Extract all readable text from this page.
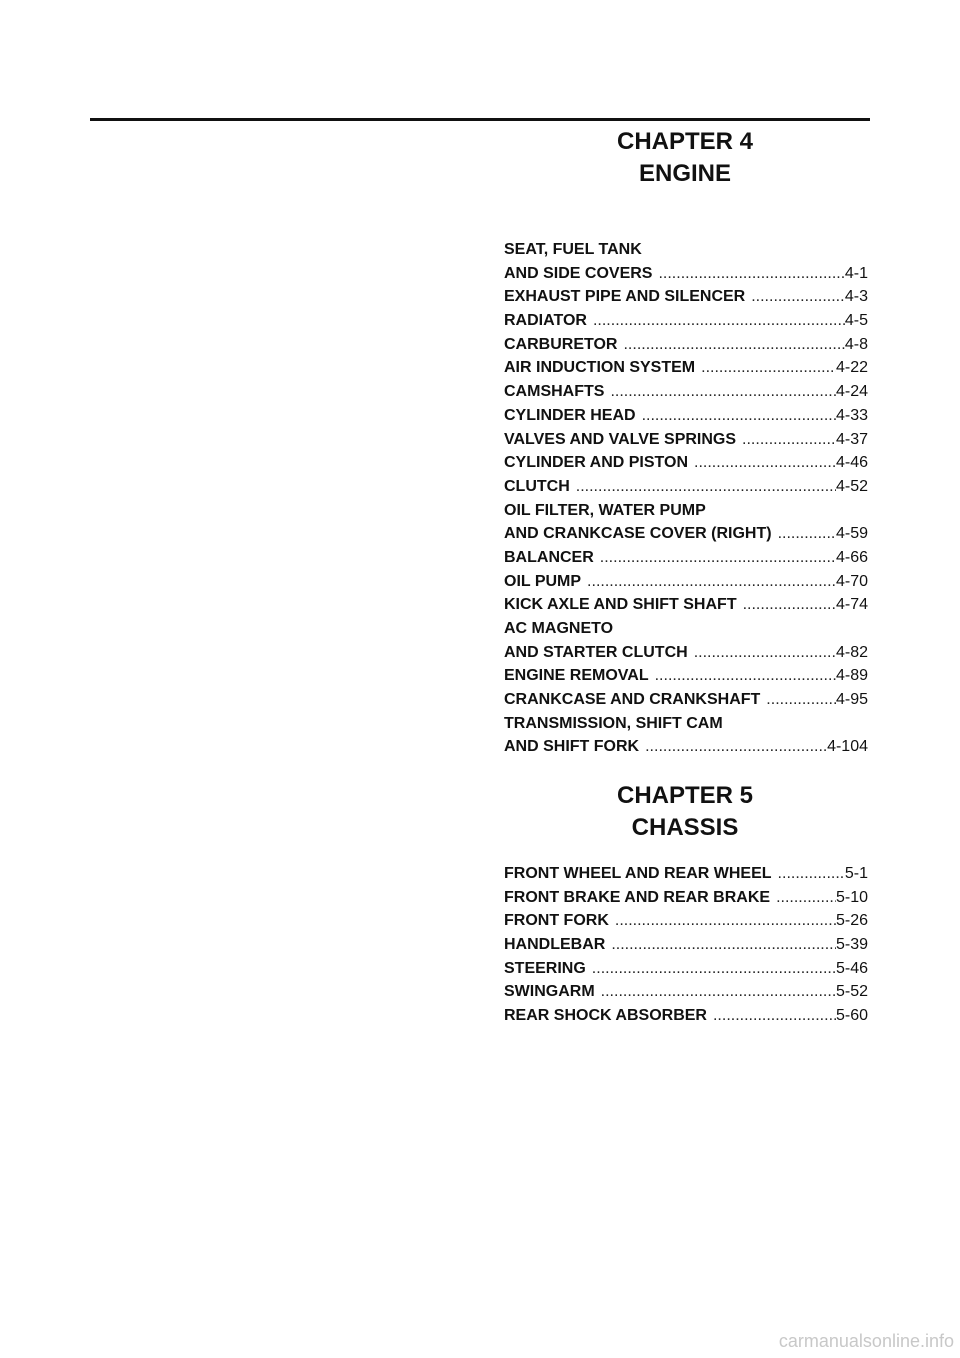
CHAPTER 4
ENGINE
SEAT, FUEL TANK
AND SIDE COVERS .....	4-1
EXHAUST PIPE AND SILENCER .....	4-3
RADIATOR .....	4-5
CARBURETOR .....	4-8
AIR INDUCTION SYSTEM .....	4-22
CAMSHAFTS .....	4-24
CYLINDER HEAD .....	4-33
VALVES AND VALVE SPRINGS .....	4-37
CYLINDER AND PISTON .....	4-46
CLUTCH .....	4-52
OIL FILTER, WATER PUMP
AND CRANKCASE COVER (RIGHT) .....	4-59
BALANCER .....	4-66
OIL PUMP .....	4-70
KICK AXLE AND SHIFT SHAFT .....	4-74
AC MAGNETO
AND STARTER CLUTCH .....	4-82
ENGINE REMOVAL .....	4-89
CRANKCASE AND CRANKSHAFT .....	4-95
TRANSMISSION, SHIFT CAM
AND SHIFT FORK .....	4-104
CHAPTER 5
CHASSIS
FRONT WHEEL AND REAR WHEEL .....	5-1
FRONT BRAKE AND REAR BRAKE .....	5-10
FRONT FORK .....	5-26
HANDLEBAR .....	5-39
STEERING .....	5-46
SWINGARM .....	5-52
REAR SHOCK ABSORBER .....	5-60
carmanualsonline.info
